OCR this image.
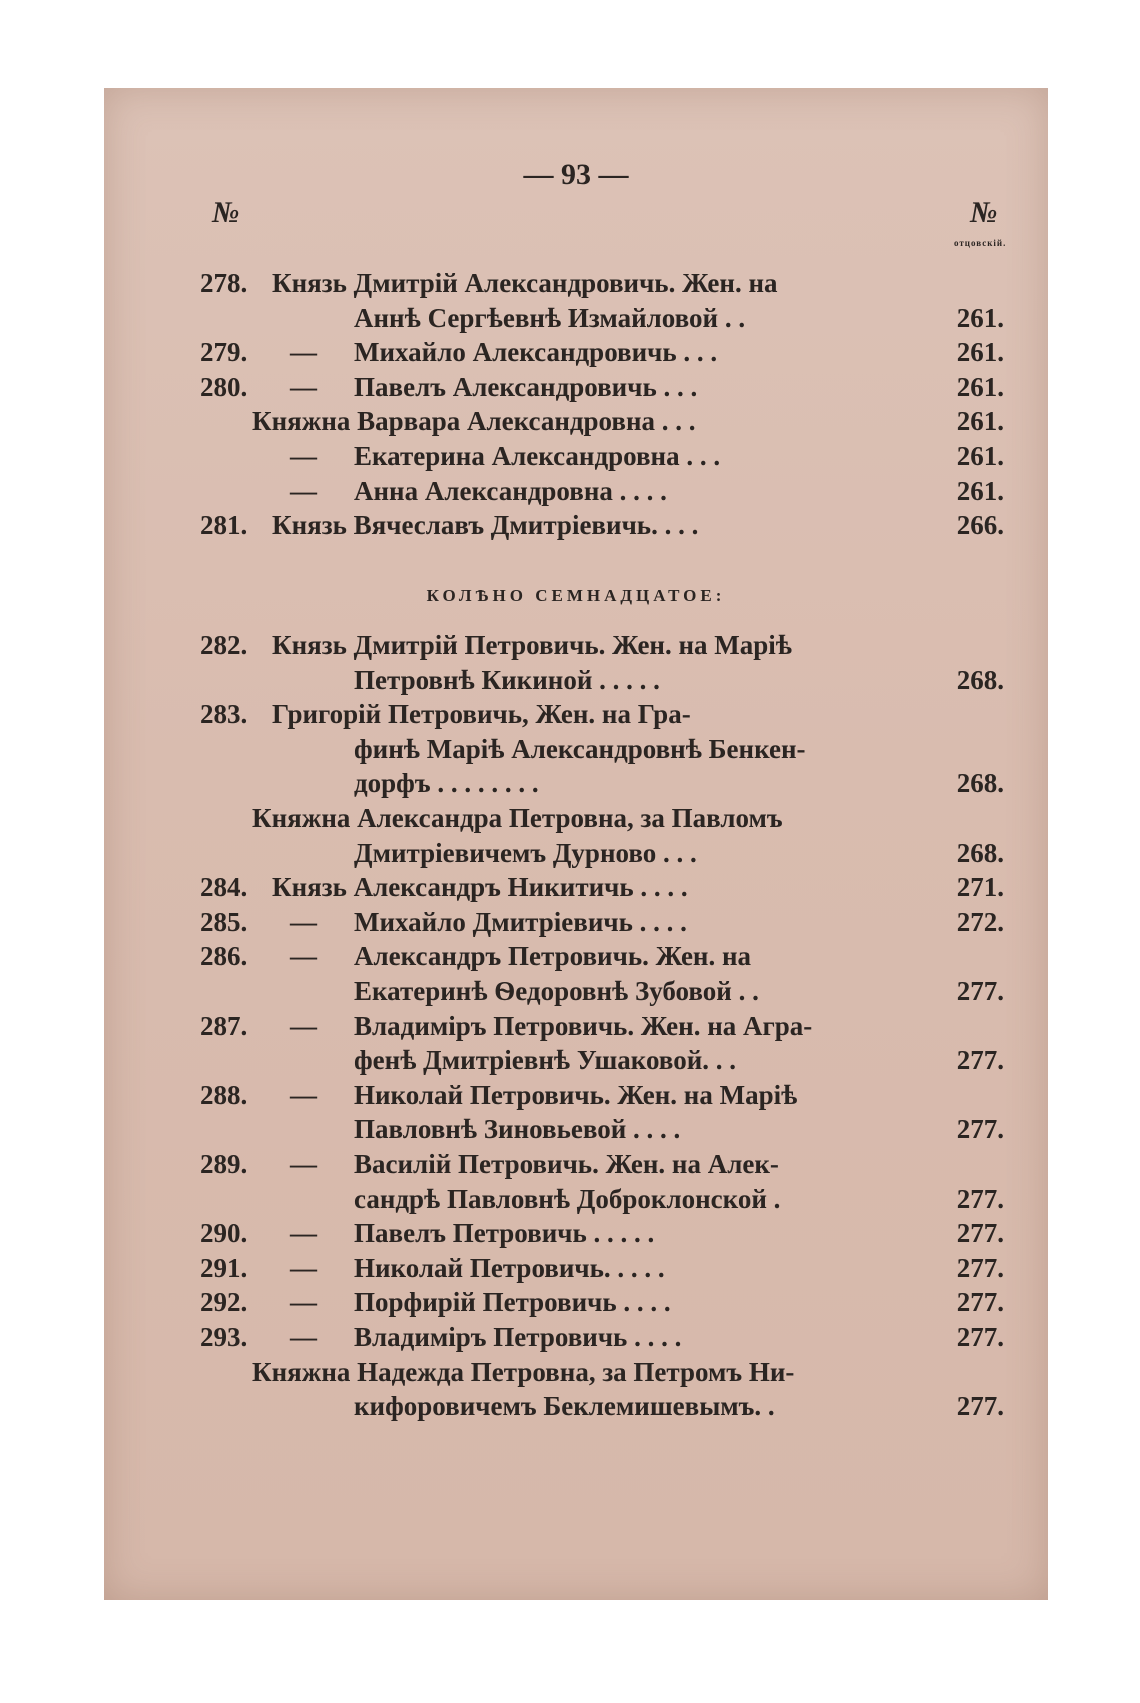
— 93 —
№	№
отцовскій.
278. Князь Дмитрій Александровичь. Жен. на
Аннѣ Сергѣевнѣ Измайловой . .	261.
279. — Михайло Александровичь . . .	261.
280. — Павелъ Александровичь . . .	261.
Княжна Варвара Александровна . . .	261.
— Екатерина Александровна . . .	261.
— Анна Александровна . . . .	261.
281. Князь Вячеславъ Дмитріевичь. . . .	266.
КОЛѢНО СЕМНАДЦАТОЕ:
282. Князь Дмитрій Петровичь. Жен. на Маріѣ
Петровнѣ Кикиной . . . . .	268.
283. Григорій Петровичь, Жен. на Гра-
финѣ Маріѣ Александровнѣ Бенкен-
дорфъ . . . . . . . .	268.
Княжна Александра Петровна, за Павломъ
Дмитріевичемъ Дурново . . .	268.
284. Князь Александръ Никитичь . . . .	271.
285. — Михайло Дмитріевичь . . . .	272.
286. — Александръ Петровичь. Жен. на
Екатеринѣ Ѳедоровнѣ Зубовой . .	277.
287. — Владиміръ Петровичь. Жен. на Агра-
фенѣ Дмитріевнѣ Ушаковой. . .	277.
288. — Николай Петровичь. Жен. на Маріѣ
Павловнѣ Зиновьевой . . . .	277.
289. — Василій Петровичь. Жен. на Алек-
сандрѣ Павловнѣ Доброклонской .	277.
290. — Павелъ Петровичь . . . . .	277.
291. — Николай Петровичь. . . . .	277.
292. — Порфирій Петровичь . . . .	277.
293. — Владиміръ Петровичь . . . .	277.
Княжна Надежда Петровна, за Петромъ Ни-
кифоровичемъ Беклемишевымъ. .	277.
